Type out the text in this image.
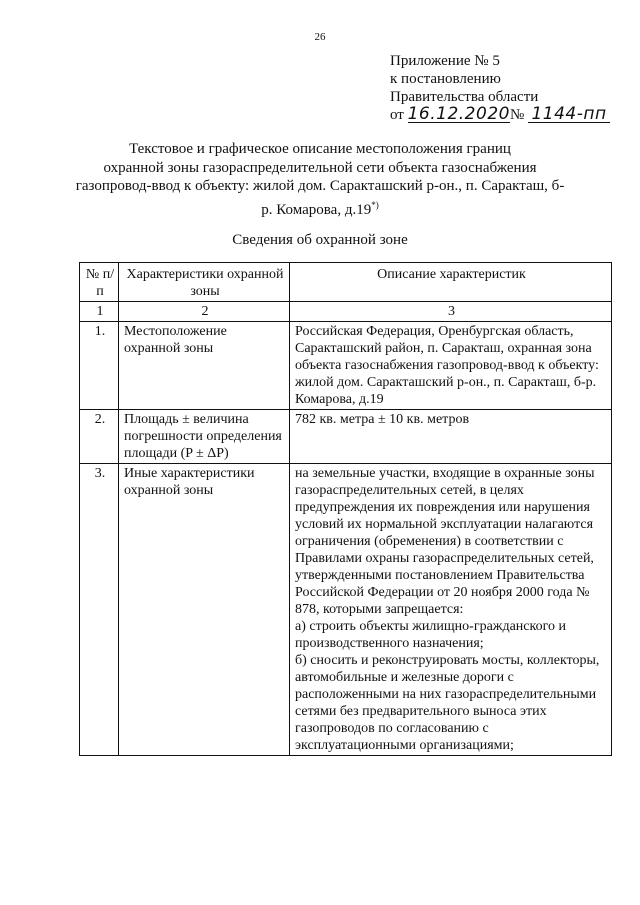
26
Приложение № 5
к постановлению
Правительства области
от 16.12.2020№ 1144-пп
Текстовое и графическое описание местоположения границ
охранной зоны газораспределительной сети объекта газоснабжения
газопровод-ввод к объекту: жилой дом. Саракташский р-он., п. Саракташ, б-
р. Комарова, д.19*)
Сведения об охранной зоне
№ п/п	Характеристики охранной зоны	Описание характеристик
1	2	3
1.	Местоположение охранной зоны	Российская Федерация, Оренбургская область, Саракташский район, п. Саракташ, охранная зона объекта газоснабжения газопровод-ввод к объекту: жилой дом. Саракташский р-он., п. Саракташ, б-р. Комарова, д.19
2.	Площадь ± величина погрешности определения площади (P ± ΔP)	782 кв. метра ± 10 кв. метров
3.	Иные характеристики охранной зоны	на земельные участки, входящие в охранные зоны газораспределительных сетей, в целях предупреждения их повреждения или нарушения условий их нормальной эксплуатации налагаются ограничения (обременения) в соответствии с Правилами охраны газораспределительных сетей, утвержденными постановлением Правительства Российской Федерации от 20 ноября 2000 года № 878, которыми запрещается:
а) строить объекты жилищно-гражданского и производственного назначения;
б) сносить и реконструировать мосты, коллекторы, автомобильные и железные дороги с расположенными на них газораспределительными сетями без предварительного выноса этих газопроводов по согласованию с эксплуатационными организациями;
